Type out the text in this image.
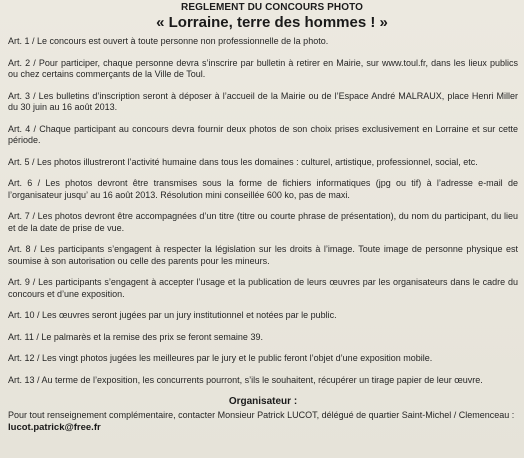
REGLEMENT DU CONCOURS PHOTO
« Lorraine, terre des hommes ! »
Art. 1 / Le concours est ouvert à toute personne non professionnelle de la photo.
Art. 2 / Pour participer, chaque personne devra s’inscrire par bulletin à retirer en Mairie, sur www.toul.fr, dans les lieux publics ou chez certains commerçants de la Ville de Toul.
Art. 3 / Les bulletins d’inscription seront à déposer à l’accueil de la Mairie ou de l’Espace André MALRAUX, place Henri Miller du 30 juin au 16 août 2013.
Art. 4 / Chaque participant au concours devra fournir deux photos de son choix prises exclusivement en Lorraine et sur cette période.
Art. 5 / Les photos illustreront l’activité humaine dans tous les domaines : culturel, artistique, professionnel, social, etc.
Art. 6 / Les photos devront être transmises sous la forme de fichiers informatiques (jpg ou tif) à l’adresse e-mail de l’organisateur jusqu’ au 16 août 2013. Résolution mini conseillée 600 ko, pas de maxi.
Art. 7 / Les photos devront être accompagnées d’un titre (titre ou courte phrase de présentation), du nom du participant, du lieu et de la date de prise de vue.
Art. 8 / Les participants s’engagent à respecter la législation sur les droits à l’image. Toute image de personne physique est soumise à son autorisation ou celle des parents pour les mineurs.
Art. 9 / Les participants s’engagent à accepter l’usage et la publication de leurs œuvres par les organisateurs dans le cadre du concours et d’une exposition.
Art. 10 / Les œuvres seront jugées par un jury institutionnel et notées par le public.
Art. 11 / Le palmarès et la remise des prix se feront semaine 39.
Art. 12 / Les vingt photos jugées les meilleures par le jury et le public feront l’objet d’une exposition mobile.
Art. 13 / Au terme de l’exposition, les concurrents pourront, s’ils le souhaitent, récupérer un tirage papier de leur œuvre.
Organisateur :
Pour tout renseignement complémentaire, contacter Monsieur Patrick LUCOT, délégué de quartier Saint-Michel / Clemenceau :
lucot.patrick@free.fr
